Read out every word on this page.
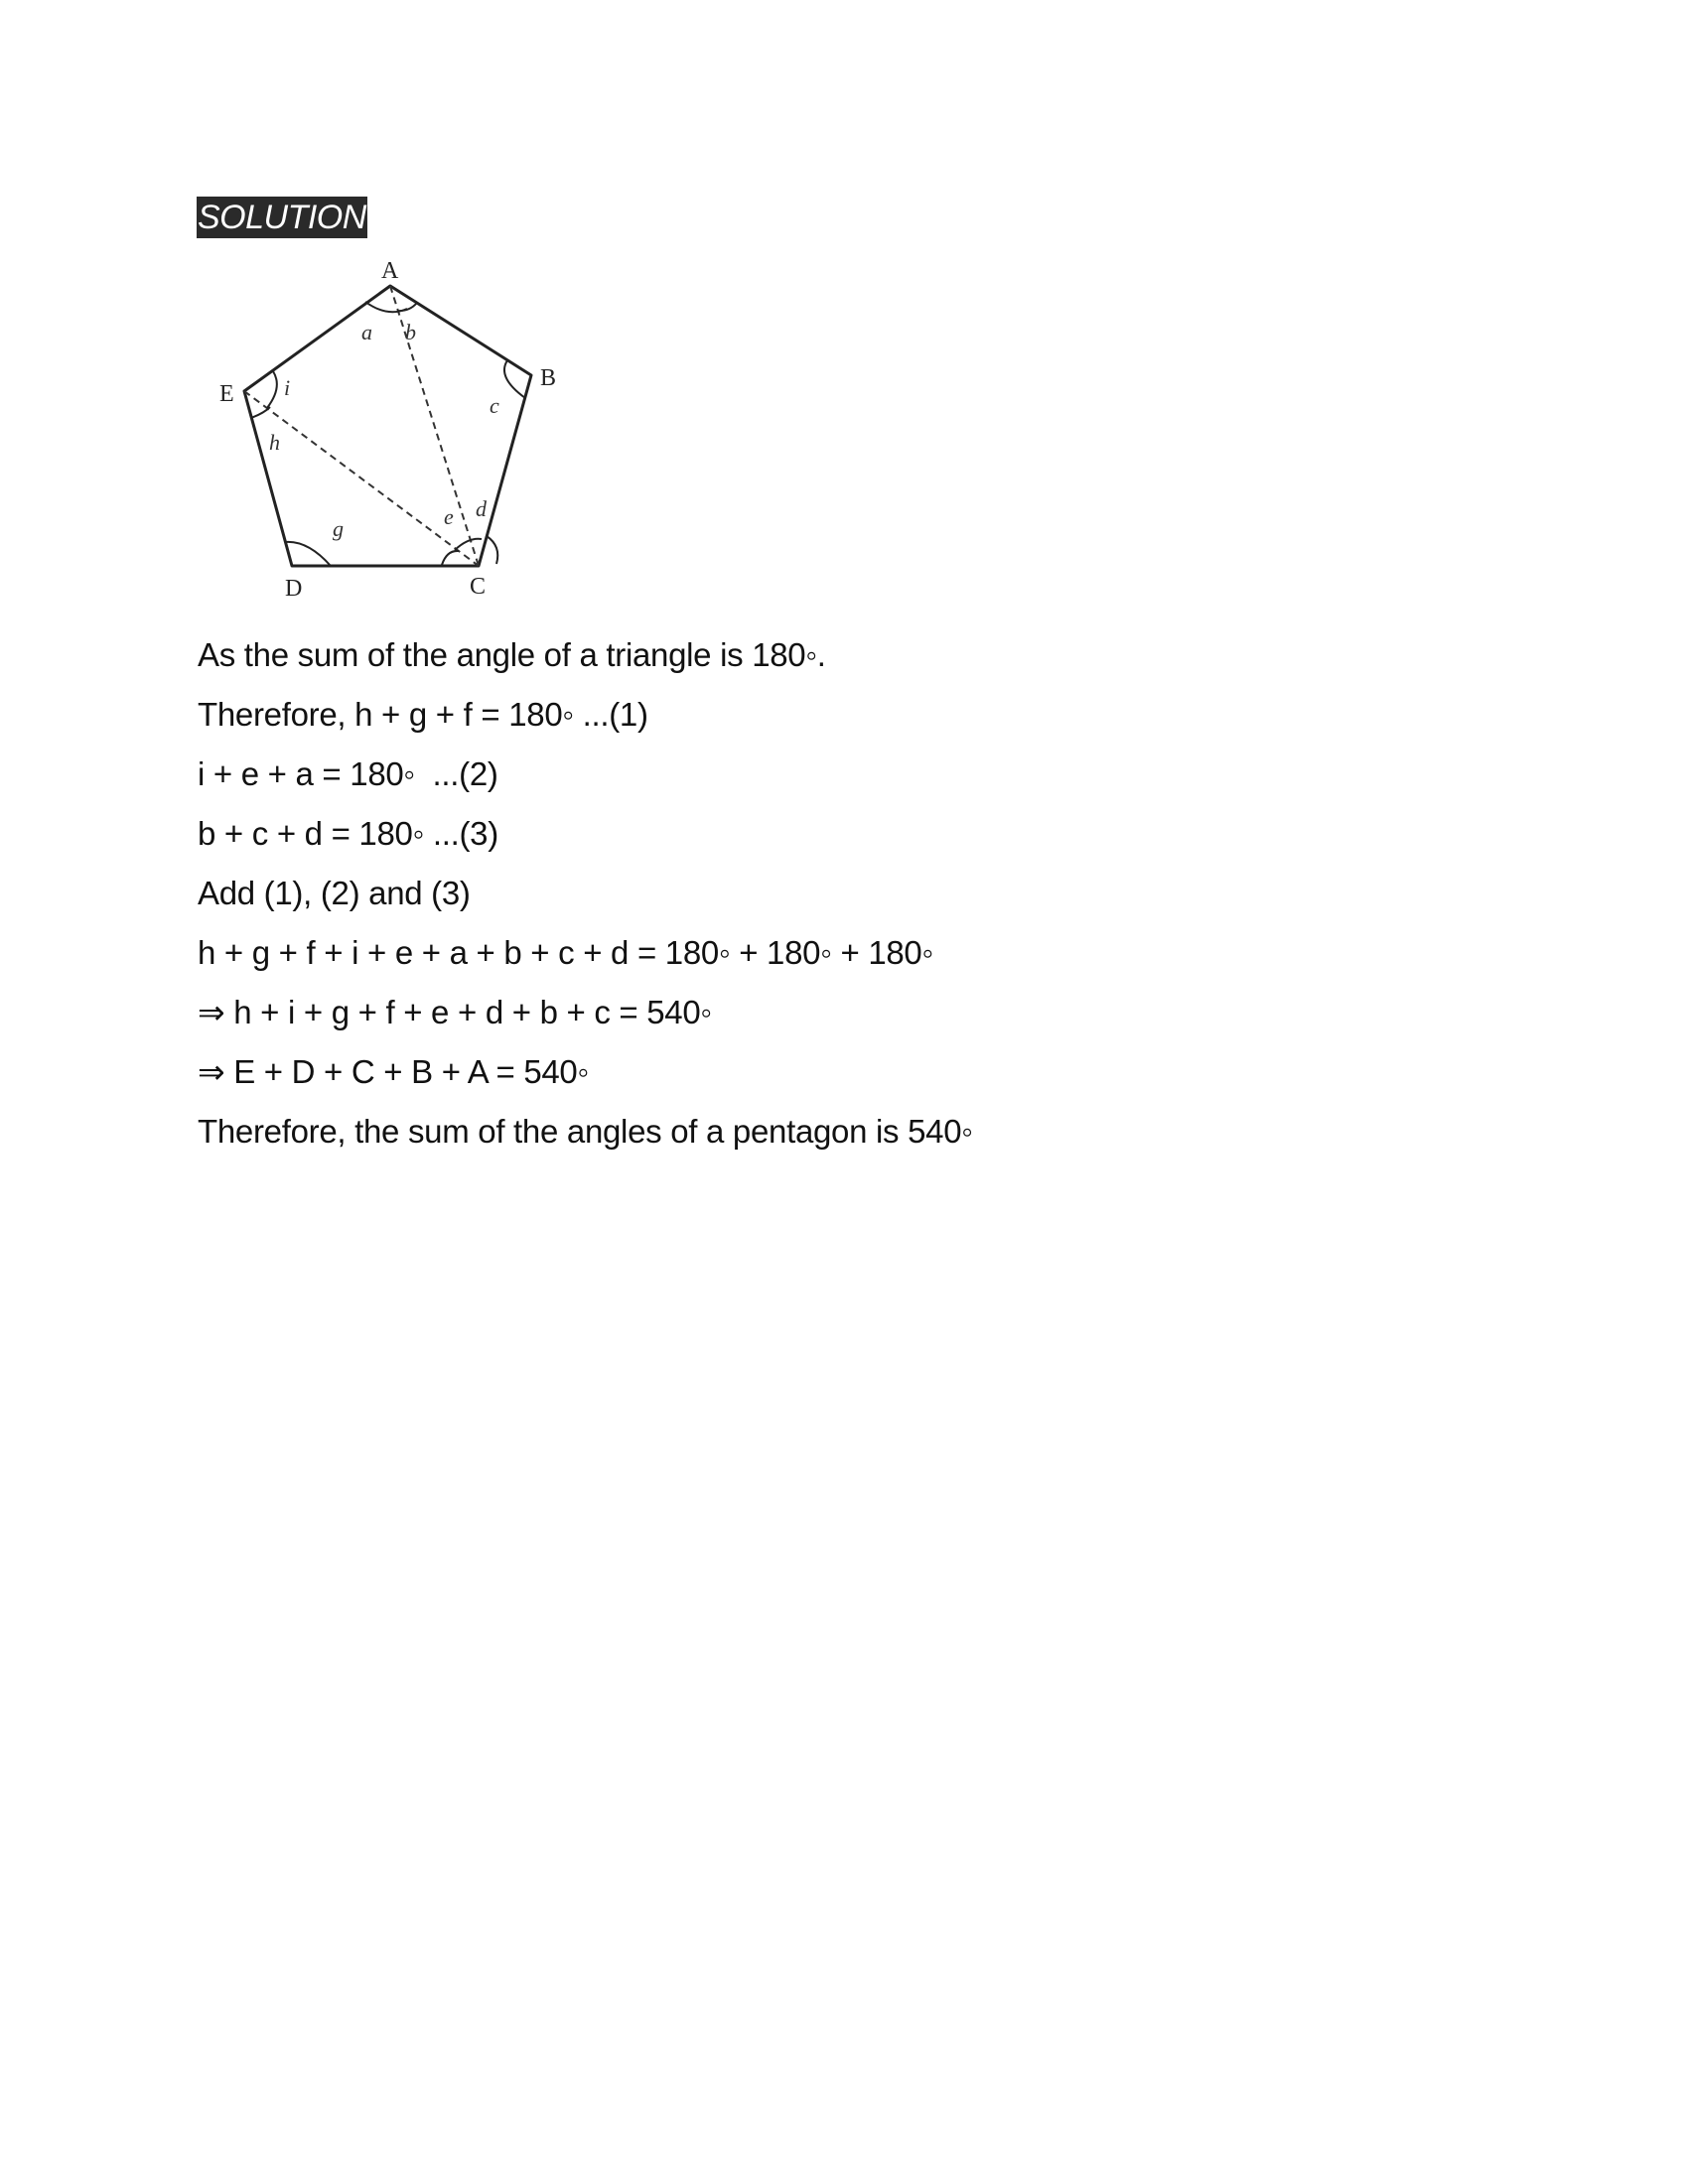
SOLUTION
A
B
C
D
E
a b
c
d
e
g
h
i
As the sum of the angle of a triangle is 180◦.
Therefore, h + g + f = 180◦ ...(1)
i + e + a = 180◦  ...(2)
b + c + d = 180◦ ...(3)
Add (1), (2) and (3)
h + g + f + i + e + a + b + c + d = 180◦ + 180◦ + 180◦
⇒ h + i + g + f + e + d + b + c = 540◦
⇒ E + D + C + B + A = 540◦
Therefore, the sum of the angles of a pentagon is 540◦
